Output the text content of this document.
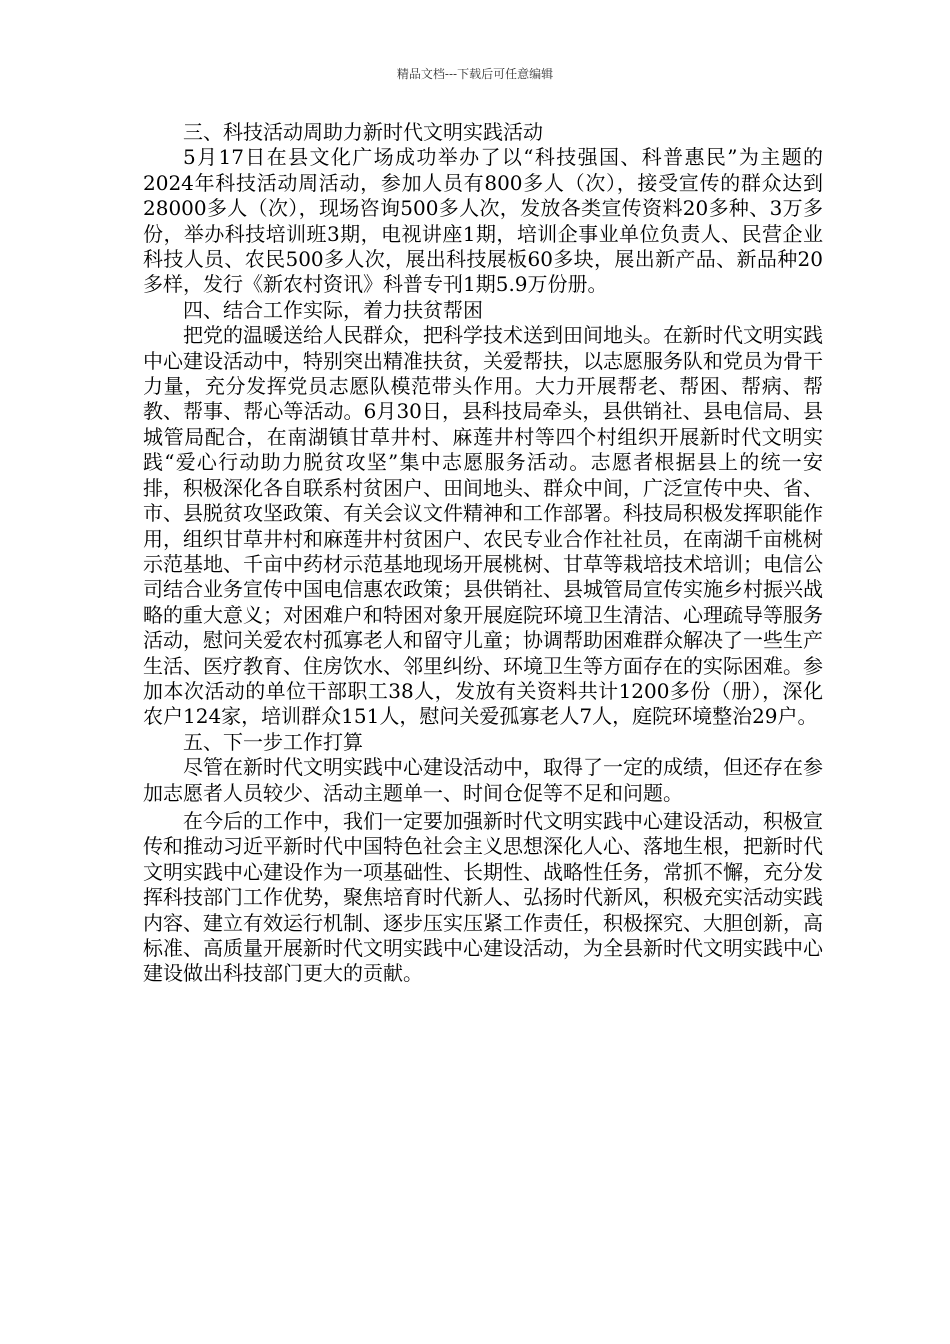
精品文档---下载后可任意编辑
三、科技活动周助力新时代文明实践活动

5月17日在县文化广场成功举办了以“科技强国、科普惠民”为主题的2024年科技活动周活动，参加人员有800多人（次），接受宣传的群众达到28000多人（次），现场咨询500多人次，发放各类宣传资料20多种、3万多份，举办科技培训班3期，电视讲座1期，培训企事业单位负责人、民营企业科技人员、农民500多人次，展出科技展板60多块，展出新产品、新品种20多样，发行《新农村资讯》科普专刊1期5.9万份册。

四、结合工作实际，着力扶贫帮困

把党的温暖送给人民群众，把科学技术送到田间地头。在新时代文明实践中心建设活动中，特别突出精准扶贫，关爱帮扶，以志愿服务队和党员为骨干力量，充分发挥党员志愿队模范带头作用。大力开展帮老、帮困、帮病、帮教、帮事、帮心等活动。6月30日，县科技局牵头，县供销社、县电信局、县城管局配合，在南湖镇甘草井村、麻莲井村等四个村组织开展新时代文明实践“爱心行动助力脱贫攻坚”集中志愿服务活动。志愿者根据县上的统一安排，积极深化各自联系村贫困户、田间地头、群众中间，广泛宣传中央、省、市、县脱贫攻坚政策、有关会议文件精神和工作部署。科技局积极发挥职能作用，组织甘草井村和麻莲井村贫困户、农民专业合作社社员，在南湖千亩桃树示范基地、千亩中药材示范基地现场开展桃树、甘草等栽培技术培训；电信公司结合业务宣传中国电信惠农政策；县供销社、县城管局宣传实施乡村振兴战略的重大意义；对困难户和特困对象开展庭院环境卫生清洁、心理疏导等服务活动，慰问关爱农村孤寡老人和留守儿童；协调帮助困难群众解决了一些生产生活、医疗教育、住房饮水、邻里纠纷、环境卫生等方面存在的实际困难。参加本次活动的单位干部职工38人，发放有关资料共计1200多份（册），深化农户124家，培训群众151人，慰问关爱孤寡老人7人，庭院环境整治29户。

五、下一步工作打算

尽管在新时代文明实践中心建设活动中，取得了一定的成绩，但还存在参加志愿者人员较少、活动主题单一、时间仓促等不足和问题。

在今后的工作中，我们一定要加强新时代文明实践中心建设活动，积极宣传和推动习近平新时代中国特色社会主义思想深化人心、落地生根，把新时代文明实践中心建设作为一项基础性、长期性、战略性任务，常抓不懈，充分发挥科技部门工作优势，聚焦培育时代新人、弘扬时代新风，积极充实活动实践内容、建立有效运行机制、逐步压实压紧工作责任，积极探究、大胆创新，高标准、高质量开展新时代文明实践中心建设活动，为全县新时代文明实践中心建设做出科技部门更大的贡献。
